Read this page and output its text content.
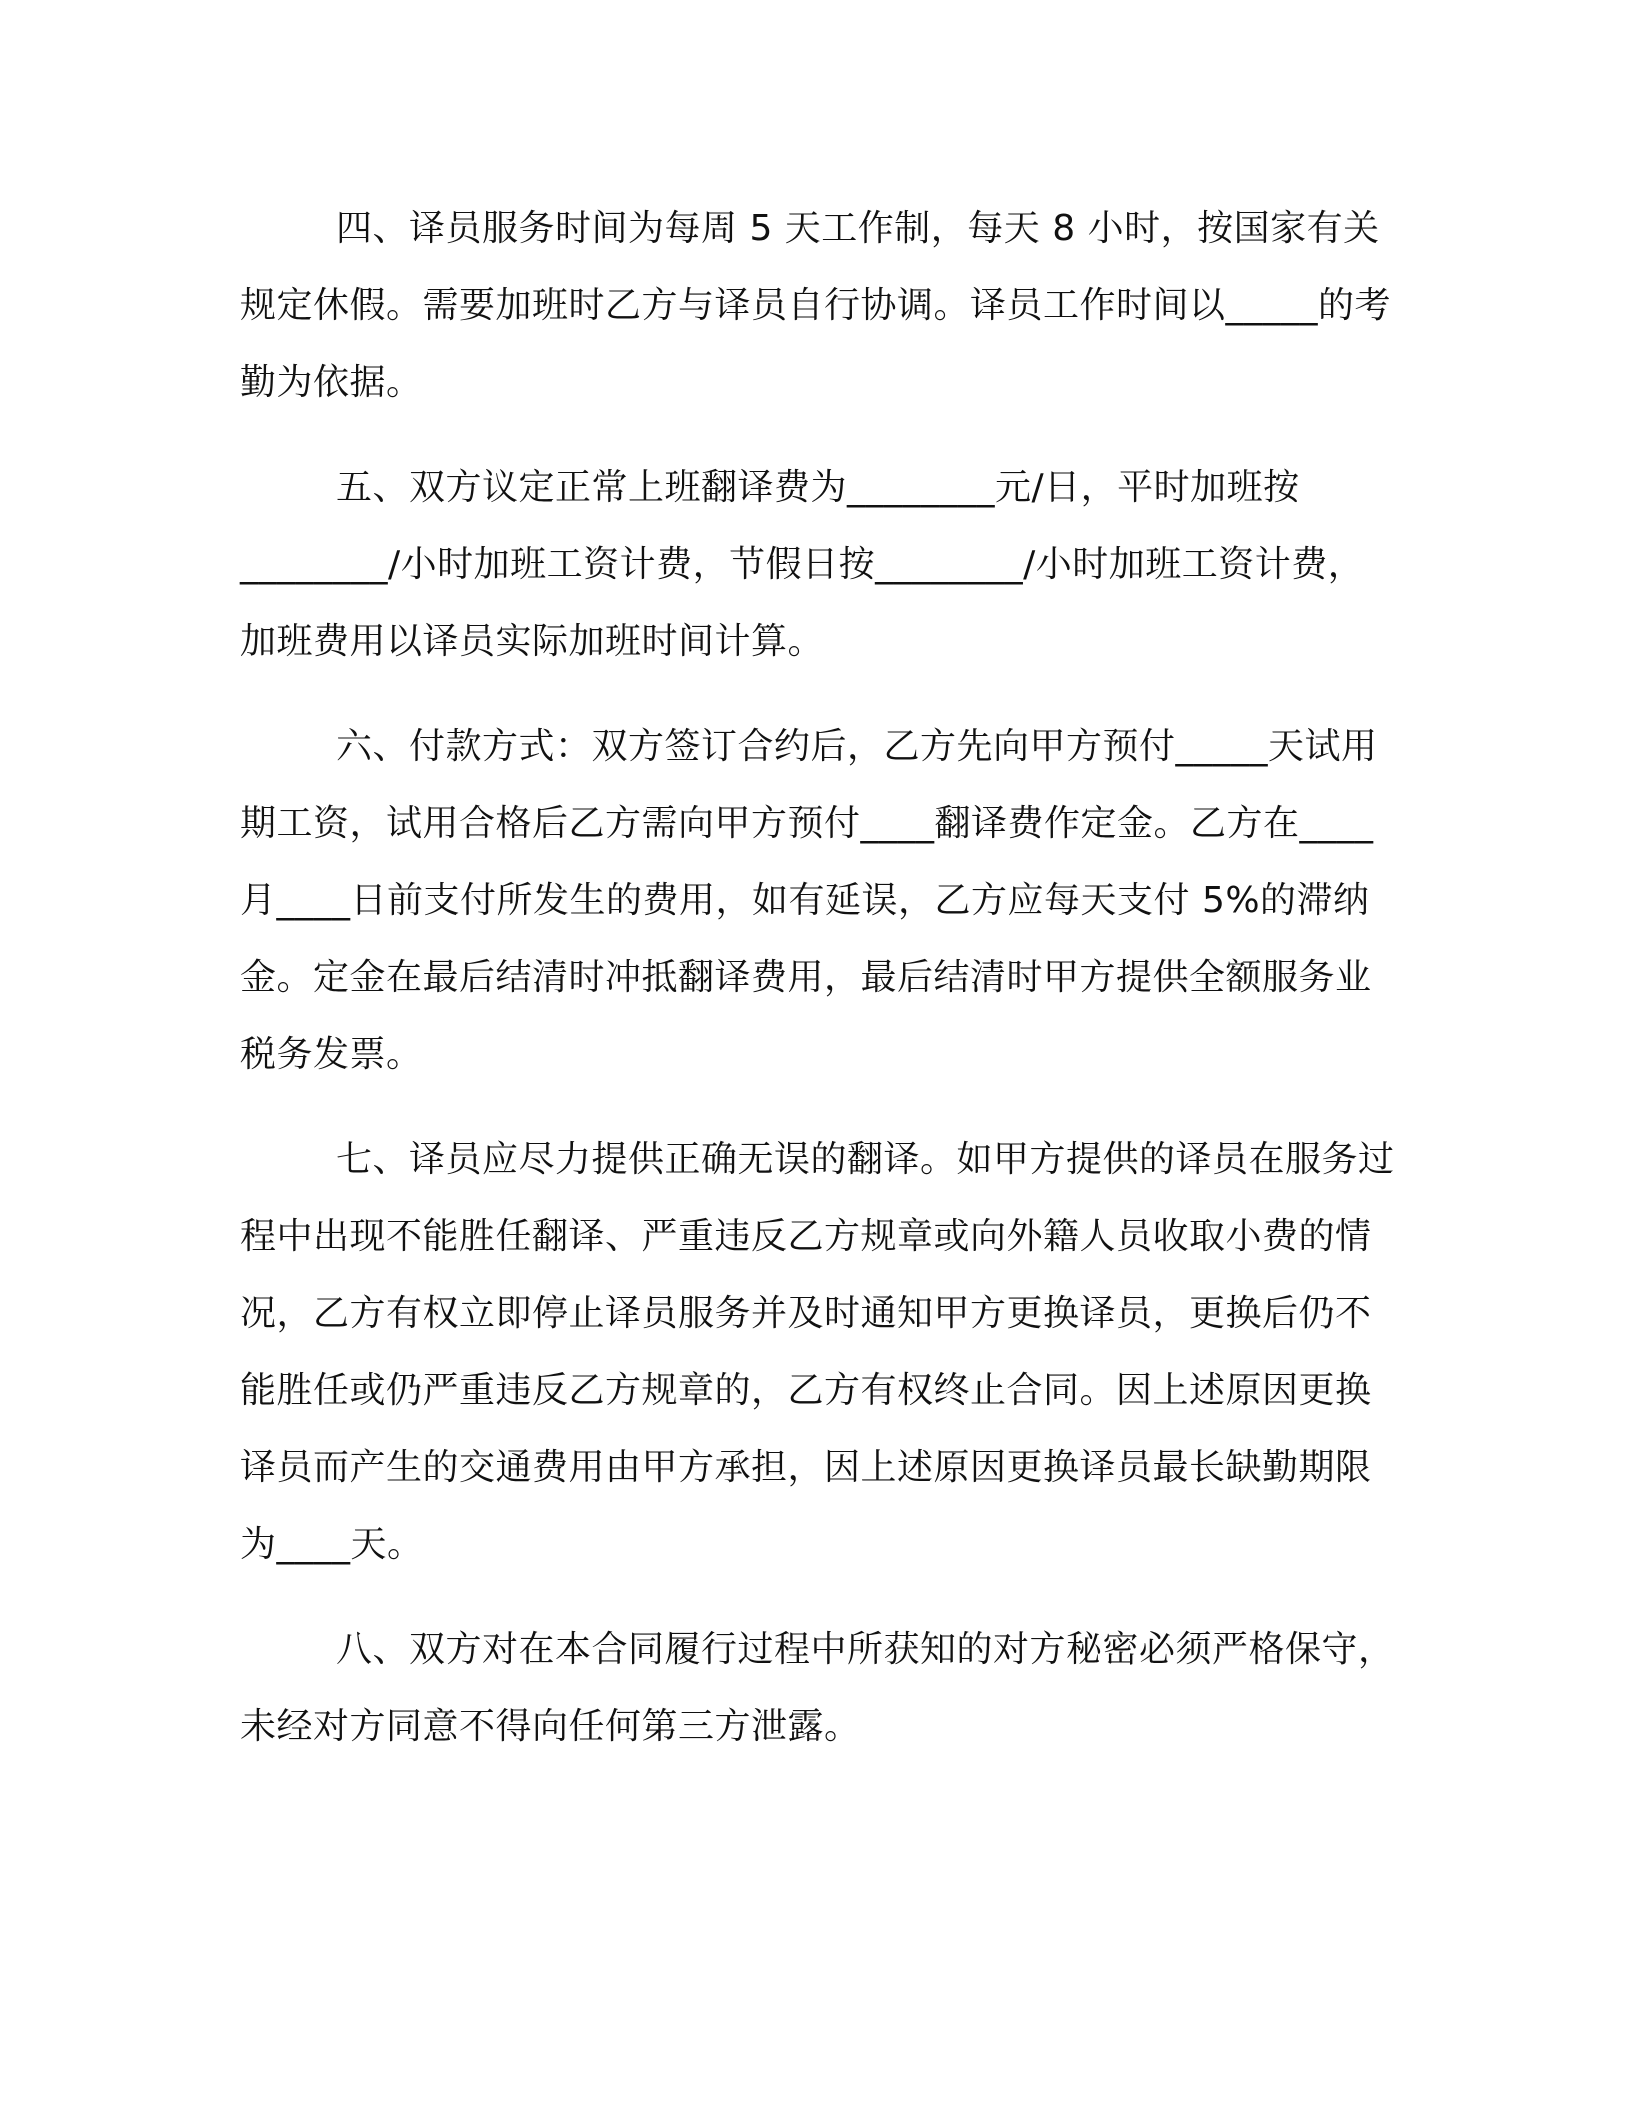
四、译员服务时间为每周 5 天工作制，每天 8 小时，按国家有关规定休假。需要加班时乙方与译员自行协调。译员工作时间以_____的考勤为依据。

五、双方议定正常上班翻译费为________元/日，平时加班按________/小时加班工资计费，节假日按________/小时加班工资计费，加班费用以译员实际加班时间计算。

六、付款方式：双方签订合约后，乙方先向甲方预付_____天试用期工资，试用合格后乙方需向甲方预付____翻译费作定金。乙方在____月____日前支付所发生的费用，如有延误，乙方应每天支付 5%的滞纳金。定金在最后结清时冲抵翻译费用，最后结清时甲方提供全额服务业税务发票。

七、译员应尽力提供正确无误的翻译。如甲方提供的译员在服务过程中出现不能胜任翻译、严重违反乙方规章或向外籍人员收取小费的情况，乙方有权立即停止译员服务并及时通知甲方更换译员，更换后仍不能胜任或仍严重违反乙方规章的，乙方有权终止合同。因上述原因更换译员而产生的交通费用由甲方承担，因上述原因更换译员最长缺勤期限为____天。

八、双方对在本合同履行过程中所获知的对方秘密必须严格保守，未经对方同意不得向任何第三方泄露。
